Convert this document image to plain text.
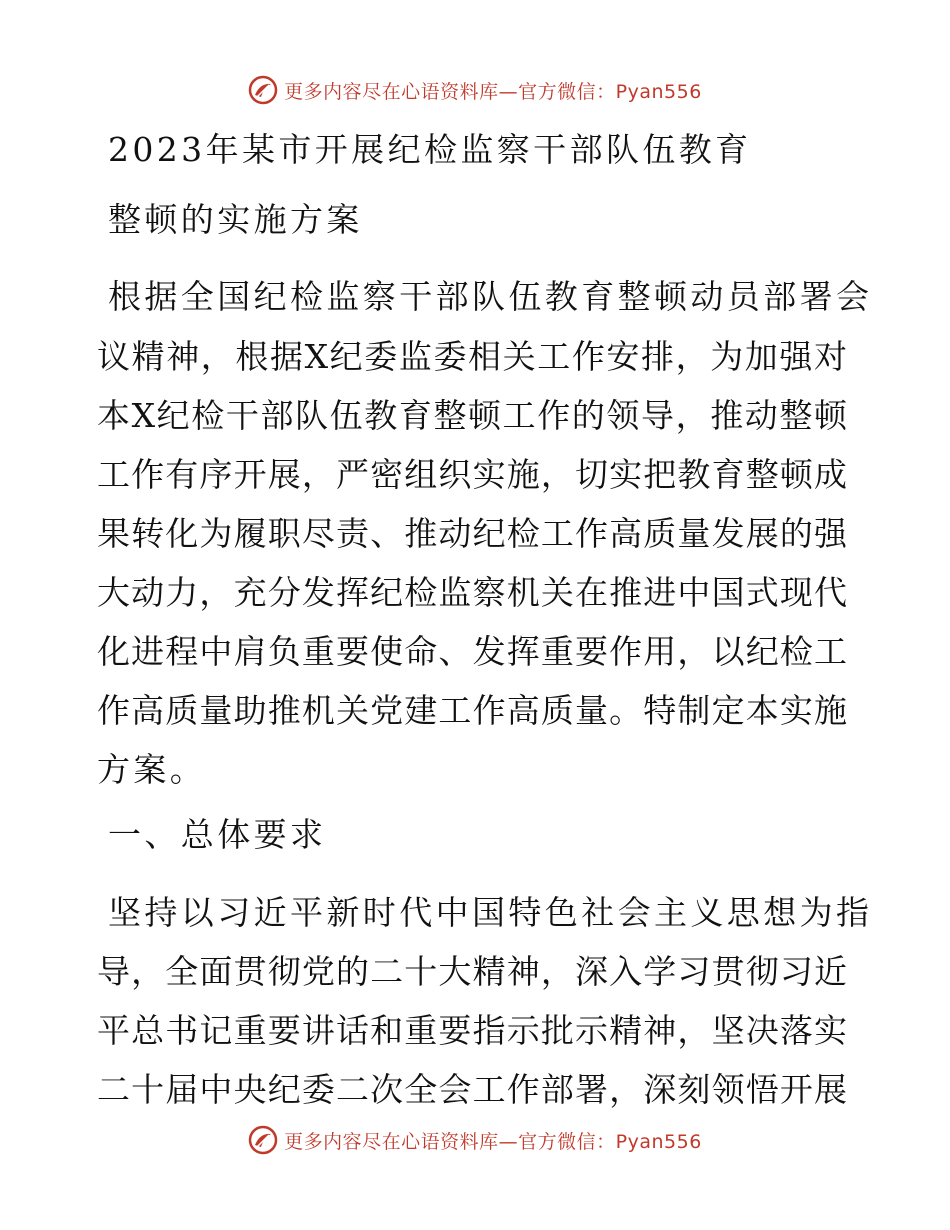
更多内容尽在心语资料库—官方微信：Pyan556
2023年某市开展纪检监察干部队伍教育
整顿的实施方案
根据全国纪检监察干部队伍教育整顿动员部署会
议精神，根据X纪委监委相关工作安排，为加强对
本X纪检干部队伍教育整顿工作的领导，推动整顿
工作有序开展，严密组织实施，切实把教育整顿成
果转化为履职尽责、推动纪检工作高质量发展的强
大动力，充分发挥纪检监察机关在推进中国式现代
化进程中肩负重要使命、发挥重要作用，以纪检工
作高质量助推机关党建工作高质量。特制定本实施
方案。
一、总体要求
坚持以习近平新时代中国特色社会主义思想为指
导，全面贯彻党的二十大精神，深入学习贯彻习近
平总书记重要讲话和重要指示批示精神，坚决落实
二十届中央纪委二次全会工作部署，深刻领悟开展
更多内容尽在心语资料库—官方微信：Pyan556
